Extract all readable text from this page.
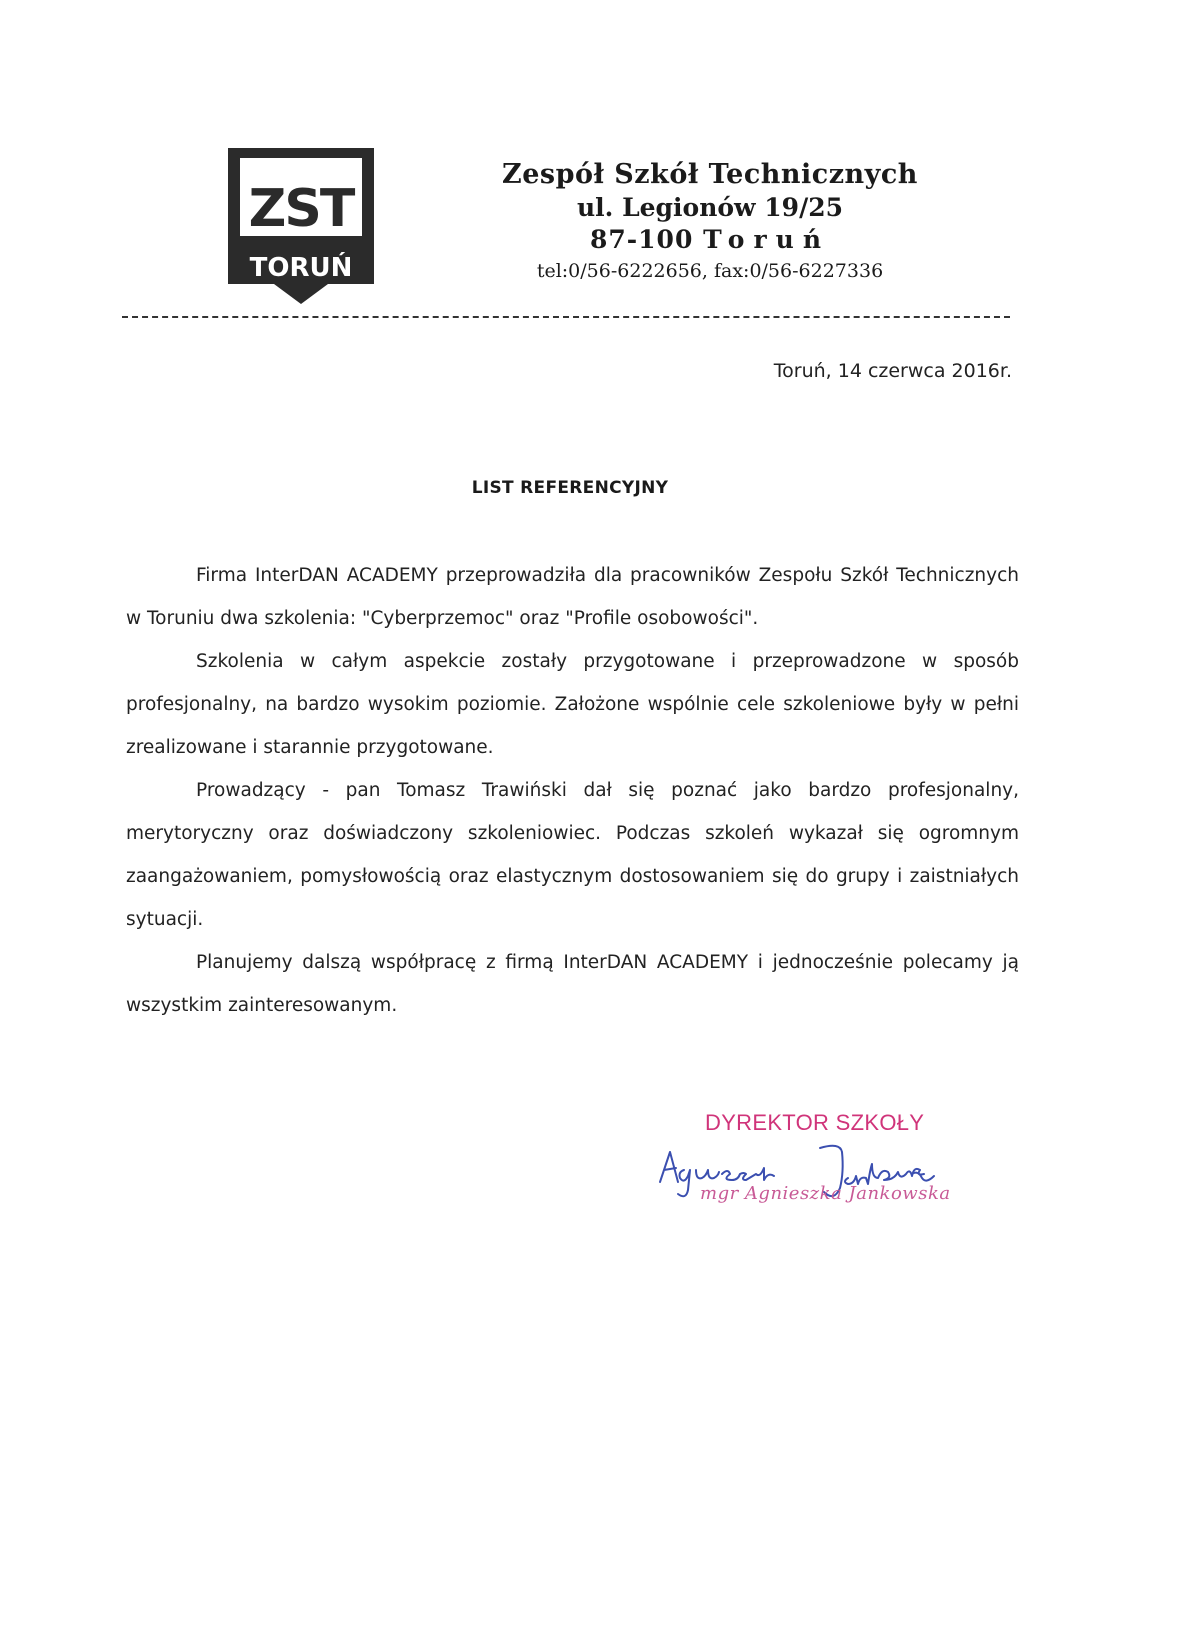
ZST
TORUŃ
Zespół Szkół Technicznych
ul. Legionów 19/25
87-100 Toruń
tel:0/56-6222656, fax:0/56-6227336
Toruń, 14 czerwca 2016r.
LIST REFERENCYJNY

Firma InterDAN ACADEMY przeprowadziła dla pracowników Zespołu Szkół Technicznych w Toruniu dwa szkolenia: "Cyberprzemoc" oraz "Profile osobowości".

Szkolenia w całym aspekcie zostały przygotowane i przeprowadzone w sposób profesjonalny, na bardzo wysokim poziomie. Założone wspólnie cele szkoleniowe były w pełni zrealizowane i starannie przygotowane.

Prowadzący - pan Tomasz Trawiński dał się poznać jako bardzo profesjonalny, merytoryczny oraz doświadczony szkoleniowiec. Podczas szkoleń wykazał się ogromnym zaangażowaniem, pomysłowością oraz elastycznym dostosowaniem się do grupy i zaistniałych sytuacji.

Planujemy dalszą współpracę z firmą InterDAN ACADEMY i jednocześnie polecamy ją wszystkim zainteresowanym.

DYREKTOR SZKOŁY
mgr Agnieszka Jankowska
